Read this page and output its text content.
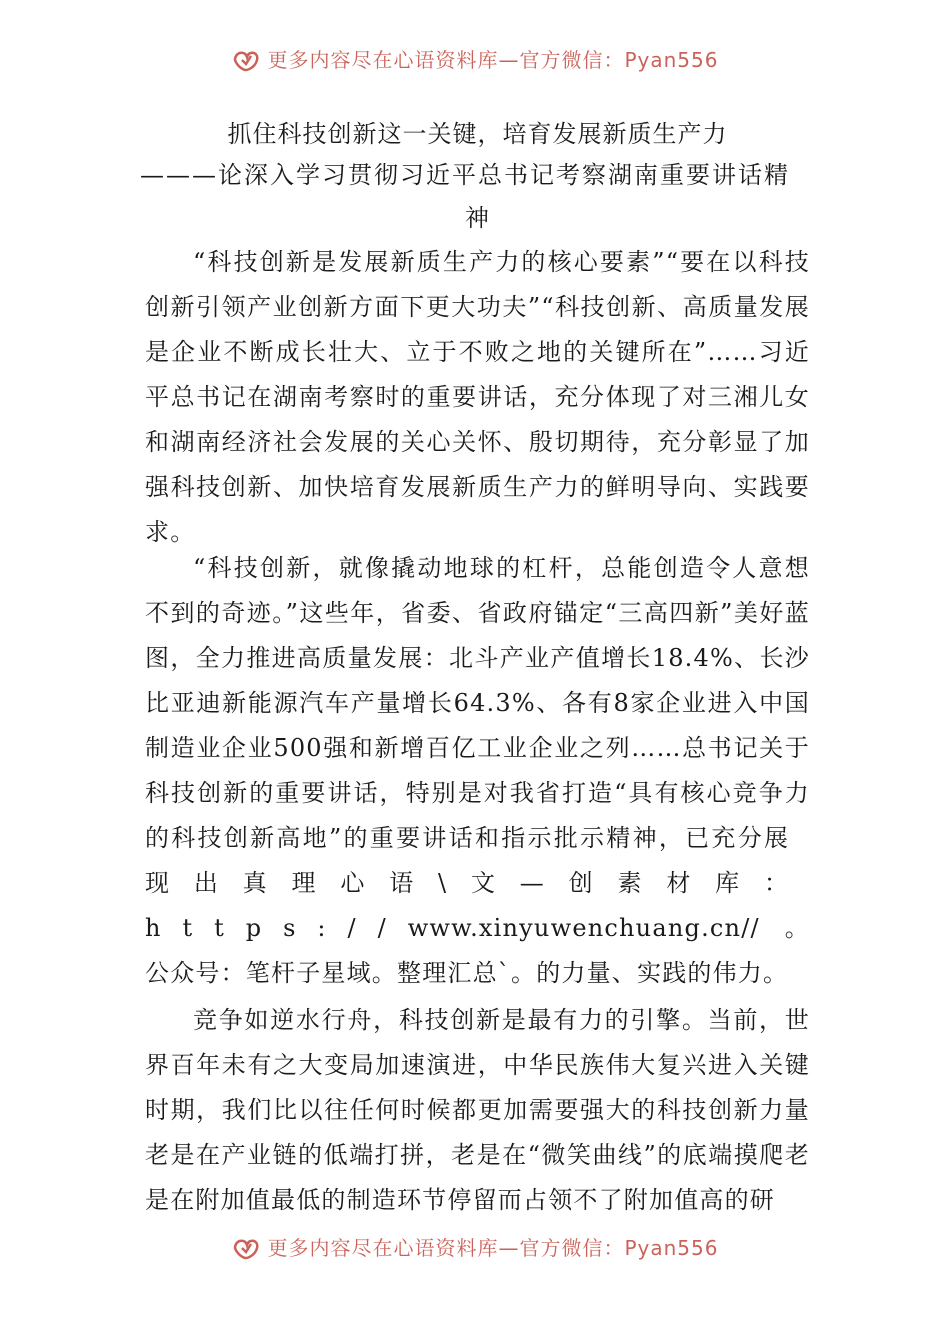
更多内容尽在心语资料库—官方微信：Pyan556
抓住科技创新这一关键，培育发展新质生产力
———论深入学习贯彻习近平总书记考察湖南重要讲话精
神

“科技创新是发展新质生产力的核心要素”“要在以科技创新引领产业创新方面下更大功夫”“科技创新、高质量发展是企业不断成长壮大、立于不败之地的关键所在”……习近平总书记在湖南考察时的重要讲话，充分体现了对三湘儿女和湖南经济社会发展的关心关怀、殷切期待，充分彰显了加强科技创新、加快培育发展新质生产力的鲜明导向、实践要求。

“科技创新，就像撬动地球的杠杆，总能创造令人意想不到的奇迹。”这些年，省委、省政府锚定“三高四新”美好蓝图，全力推进高质量发展：北斗产业产值增长18.4%、长沙比亚迪新能源汽车产量增长64.3%、各有8家企业进入中国制造业企业500强和新增百亿工业企业之列……总书记关于科技创新的重要讲话，特别是对我省打造“具有核心竞争力的科技创新高地”的重要讲话和指示批示精神，已充分展现出真理心语\文—创素材库：https://www.xinyuwenchuang.cn//。公众号：笔杆子星域。整理汇总`。的力量、实践的伟力。

竞争如逆水行舟，科技创新是最有力的引擎。当前，世界百年未有之大变局加速演进，中华民族伟大复兴进入关键时期，我们比以往任何时候都更加需要强大的科技创新力量老是在产业链的低端打拼，老是在“微笑曲线”的底端摸爬老是在附加值最低的制造环节停留而占领不了附加值高的研

更多内容尽在心语资料库—官方微信：Pyan556
